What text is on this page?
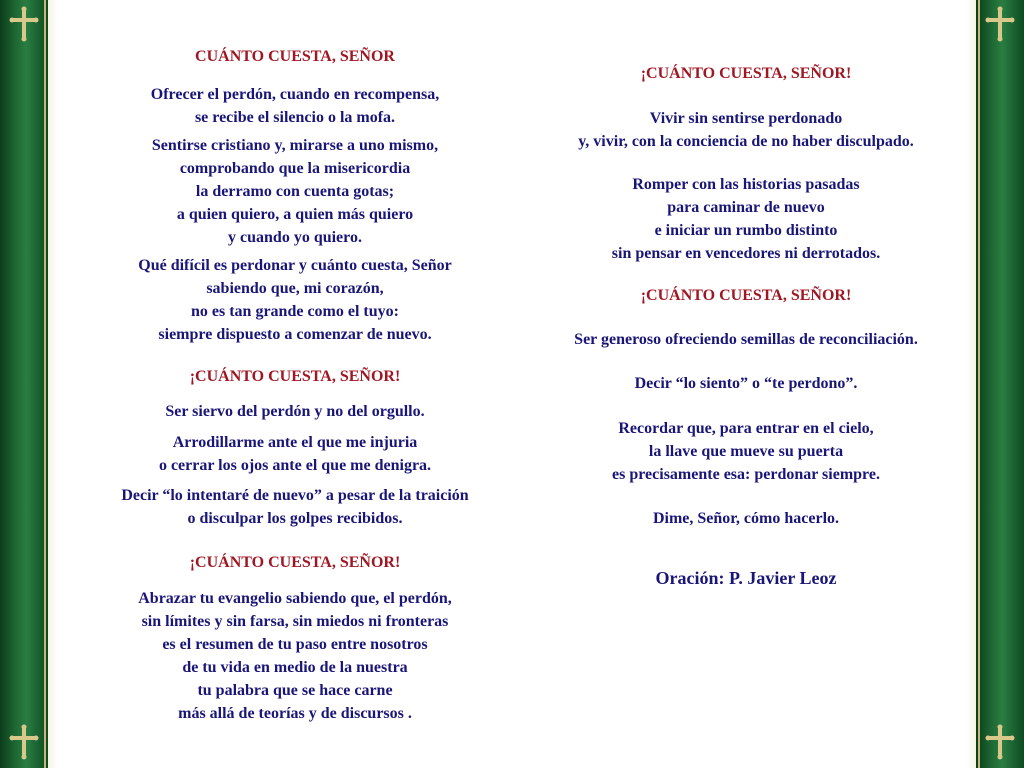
CUÁNTO CUESTA, SEÑOR
Ofrecer el perdón, cuando en recompensa,
se recibe el silencio o la mofa.
Sentirse cristiano y, mirarse a uno mismo,
comprobando que la misericordia
la derramo con cuenta gotas;
a quien quiero, a quien más quiero
y cuando yo quiero.
Qué difícil es perdonar y cuánto cuesta, Señor
sabiendo que, mi corazón,
no es tan grande como el tuyo:
siempre dispuesto a comenzar de nuevo.
¡CUÁNTO CUESTA, SEÑOR!
Ser siervo del perdón y no del orgullo.
Arrodillarme ante el que me injuria
o cerrar los ojos ante el que me denigra.
Decir “lo intentaré de nuevo” a pesar de la traición
o disculpar los golpes recibidos.
¡CUÁNTO CUESTA, SEÑOR!
Abrazar tu evangelio sabiendo que, el perdón,
sin límites y sin farsa, sin miedos ni fronteras
es el resumen de tu paso entre nosotros
de tu vida en medio de la nuestra
tu palabra que se hace carne
más allá de teorías y de discursos .
¡CUÁNTO CUESTA, SEÑOR!
Vivir sin sentirse perdonado
y, vivir, con la conciencia de no haber disculpado.
Romper con las historias pasadas
para caminar de nuevo
e iniciar un rumbo distinto
sin pensar en vencedores ni derrotados.
¡CUÁNTO CUESTA, SEÑOR!
Ser generoso ofreciendo semillas de reconciliación.
Decir “lo siento” o “te perdono”.
Recordar que, para entrar en el cielo,
la llave que mueve su puerta
es precisamente esa: perdonar siempre.
Dime, Señor, cómo hacerlo.
Oración: P. Javier Leoz
